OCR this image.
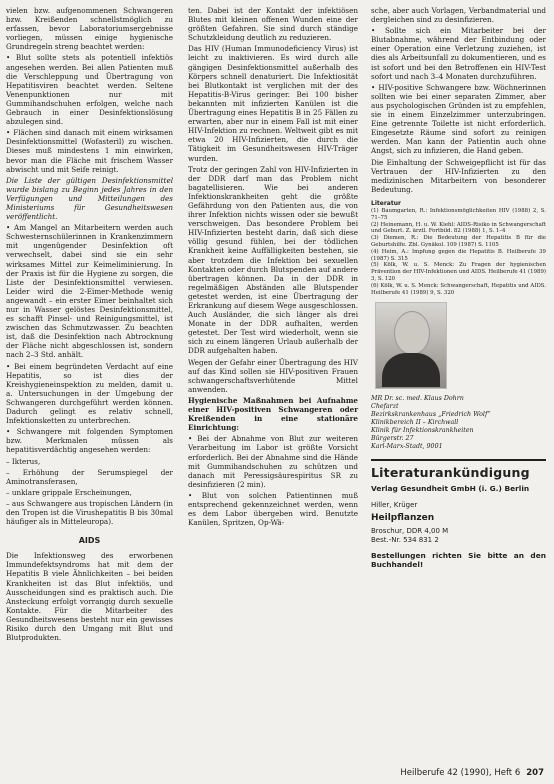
vielen bzw. aufgenommenen Schwangeren bzw. Kreißenden schnellstmöglich zu erfassen, bevor Laboratoriumsergebnisse vorliegen, müssen einige hygienische Grundregeln streng beachtet werden:

• Blut sollte stets als potentiell infektiös angesehen werden. Bei allen Patienten muß die Verschleppung und Übertragung von Hepatitisviren beachtet werden. Seltene Venenpunktionen nur mit Gummihandschuhen erfolgen, welche nach Gebrauch in einer Desinfektionslösung abzulegen sind.

• Flächen sind danach mit einem wirksamen Desinfektionsmittel (Wofasteril) zu wischen. Dieses muß mindestens 1 min einwirken, bevor man die Fläche mit frischem Wasser abwischt und mit Seife reinigt.

Die Liste der gültigen Desinfektionsmittel wurde bislang zu Beginn jedes Jahres in den Verfügungen und Mitteilungen des Ministeriums für Gesundheitswesen veröffentlicht.

• Am Mangel an Mitarbeitern werden auch Schwesternschülerinnen in Krankenzimmern mit ungenügender Desinfektion oft verwechselt, dabei sind sie ein sehr wirksames Mittel zur Keimeliminierung. In der Praxis ist für die Hygiene zu sorgen, die Liste der Desinfektionsmittel verwiesen. Leider wird die 2-Eimer-Methode wenig angewandt – ein erster Eimer beinhaltet sich nur in Wasser gelöstes Desinfektionsmittel, es schafft Pinsel- und Reinigungsmittel, ist zwischen das Schmutzwasser. Zu beachten ist, daß die Desinfektion nach Abtrocknung der Fläche nicht abgeschlossen ist, sondern nach 2–3 Std. anhält.

• Bei einem begründeten Verdacht auf eine Hepatitis, so ist dies der Kreishygieneinspektion zu melden, damit u. a. Untersuchungen in der Umgebung der Schwangeren durchgeführt werden können. Dadurch gelingt es relativ schnell, Infektionsketten zu unterbrechen.

• Schwangere mit folgenden Symptomen bzw. Merkmalen müssen als hepatitisverdächtig angesehen werden:

– Ikterus,

– Erhöhung der Serumspiegel der Aminotransferasen,

– unklare grippale Erscheinungen,

– aus Schwangere aus tropischen Ländern (in den Tropen ist die Virushepatitis B bis 30mal häufiger als in Mitteleuropa).

AIDS

Die Infektionsweg des erworbenen Immundefektsyndroms hat mit dem der Hepatitis B viele Ähnlichkeiten – bei beiden Krankheiten ist das Blut infektiös, und Ausscheidungen sind es praktisch auch. Die Ansteckung erfolgt vorrangig durch sexuelle Kontakte. Für die Mitarbeiter des Gesundheitswesens besteht nur ein gewisses Risiko durch den Umgang mit Blut und Blutprodukten.

ten. Dabei ist der Kontakt der infektiösen Blutes mit kleinen offenen Wunden eine der größten Gefahren. Sie sind durch ständige Schutzkleidung deutlich zu reduzieren.

Das HIV (Human Immunodeficiency Virus) ist leicht zu inaktivieren. Es wird durch alle gängigen Desinfektionsmittel außerhalb des Körpers schnell denaturiert. Die Infektiosität bei Blutkontakt ist verglichen mit der des Hepatitis-B-Virus geringer. Bei 100 bisher bekannten mit infizierten Kanülen ist die Übertragung eines Hepatitis B in 25 Fällen zu erwarten, aber nur in einem Fall ist mit einer HIV-Infektion zu rechnen. Weltweit gibt es mit etwa 20 HIV-Infizierten, die durch die Tätigkeit im Gesundheitswesen HIV-Träger wurden.

Trotz der geringen Zahl von HIV-Infizierten in der DDR darf man das Problem nicht bagatellisieren. Wie bei anderen Infektionskrankheiten geht die größte Gefährdung von den Patienten aus, die von ihrer Infektion nichts wissen oder sie bewußt verschweigen. Das besondere Problem bei HIV-Infizierten besteht darin, daß sich diese völlig gesund fühlen, bei der tödlichen Krankheit keine Auffälligkeiten bestehen, sie aber trotzdem die Infektion bei sexuellen Kontakten oder durch Blutspenden auf andere übertragen können. Da in der DDR in regelmäßigen Abständen alle Blutspender getestet werden, ist eine Übertragung der Erkrankung auf diesem Wege ausgeschlossen. Auch Ausländer, die sich länger als drei Monate in der DDR aufhalten, werden getestet. Der Test wird wiederholt, wenn sie sich zu einem längeren Urlaub außerhalb der DDR aufgehalten haben.

Wegen der Gefahr einer Übertragung des HIV auf das Kind sollen sie HIV-positiven Frauen schwangerschaftsverhütende Mittel anwenden.

Hygienische Maßnahmen bei Aufnahme einer HIV-positiven Schwangeren oder Kreißenden in eine stationäre Einrichtung:

• Bei der Abnahme von Blut zur weiteren Verarbeitung im Labor ist größte Vorsicht erforderlich. Bei der Abnahme sind die Hände mit Gummihandschuhen zu schützen und danach mit Peressigsäurespiritus SR zu desinfizieren (2 min).

• Blut von solchen Patientinnen muß entsprechend gekennzeichnet werden, wenn es dem Labor übergeben wird. Benutzte Kanülen, Spritzen, Op-Wä-

sche, aber auch Vorlagen, Verbandmaterial und dergleichen sind zu desinfizieren.

• Sollte sich ein Mitarbeiter bei der Blutabnahme, während der Entbindung oder einer Operation eine Verletzung zuziehen, ist dies als Arbeitsunfall zu dokumentieren, und es ist sofort und bei den Betroffenen ein HIV-Test sofort und nach 3–4 Monaten durchzuführen.

• HIV-positive Schwangere bzw. Wöchnerinnen sollten wie bei einer separaten Zimmer, aber aus psychologischen Gründen ist zu empfehlen, sie in einem Einzelzimmer unterzubringen. Eine getrennte Toilette ist nicht erforderlich. Eingesetzte Räume sind sofort zu reinigen werden. Man kann der Patientin auch ohne Angst, sich zu infizieren, die Hand geben.

Die Einhaltung der Schweigepflicht ist für das Vertrauen der HIV-Infizierten zu den medizinischen Mitarbeitern von besonderer Bedeutung.

Literatur
(1) Baumgarten, R.: Infektionsmöglichkeiten HIV (1988) 2, S. 71–75
(2) Heinemann, H. u. W. Kiehl: AIDS-Risiko in Schwangerschaft und Geburt. Z. ärztl. Fortbild. 82 (1988) 1, S. 1–4
(3) Diemen, R.: Die Bedeutung der Hepatitis B für die Geburtshilfe. Zbl. Gynäkol. 109 (1987) S. 1105
(4) Heim, A.: Impfung gegen die Hepatitis B. Heilberufe 39 (1987) S. 315
(5) Kölk, W. u. S. Menck: Zu Fragen der hygienischen Prävention der HIV-Infektionen und AIDS. Heilberufe 41 (1989) 3, S. 120
(6) Kölk, W. u. S. Menck: Schwangerschaft, Hepatitis und AIDS. Heilberufe 41 (1989) 9, S. 320
MR Dr. sc. med. Klaus Dohrn
Chefarzt
Bezirkskrankenhaus „Friedrich Wolf“
Klinikbereich II – Kirchwall
Klinik für Infektionskrankheiten
Bürgerstr. 27
Karl-Marx-Stadt, 9001
Literaturankündigung
Verlag Gesundheit GmbH (i. G.) Berlin
Hiller, Krüger
Heilpflanzen
Broschur, DDR 4,00 M
Best.-Nr. 534 831 2
Bestellungen richten Sie bitte an den Buchhandel!
Heilberufe 42 (1990), Heft 6 207
